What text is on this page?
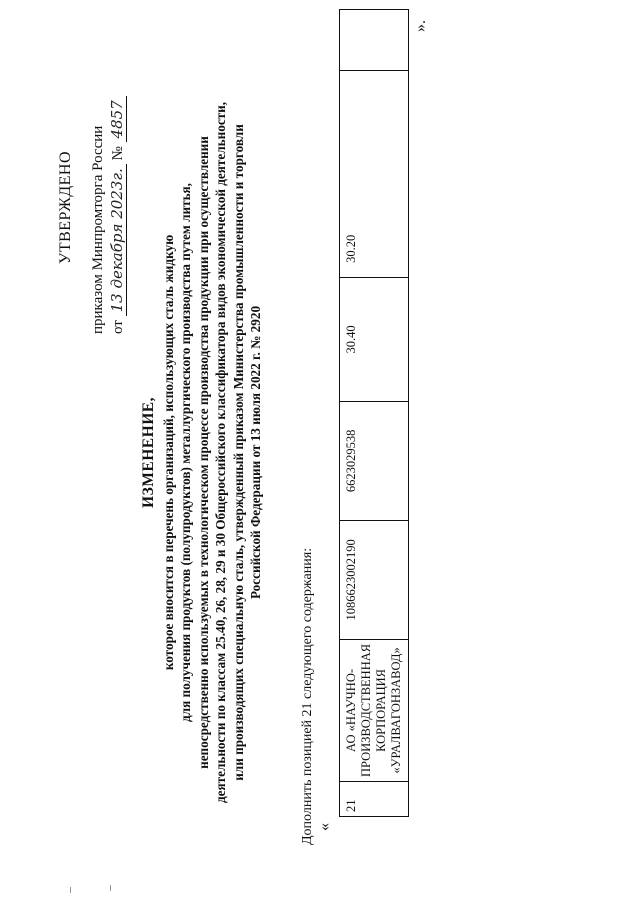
УТВЕРЖДЕНО приказом Минпромторга России от 13 декабря 2023г. № 4857
ИЗМЕНЕНИЕ, которое вносится в перечень организаций, использующих сталь жидкую для получения продуктов (полупродуктов) металлургического производства путем литья, непосредственно используемых в технологическом процессе производства продукции при осуществлении деятельности по классам 25.40, 26, 28, 29 и 30 Общероссийского классификатора видов экономической деятельности, или производящих специальную сталь, утвержденный приказом Министерства промышленности и торговли Российской Федерации от 13 июля 2022 г. № 2920
Дополнить позицией 21 следующего содержания: «
21	АО «НАУЧНО-ПРОИЗВОДСТВЕННАЯ КОРПОРАЦИЯ «УРАЛВАГОНЗАВОД»	1086623002190	6623029538	30.40	30.20	
».
